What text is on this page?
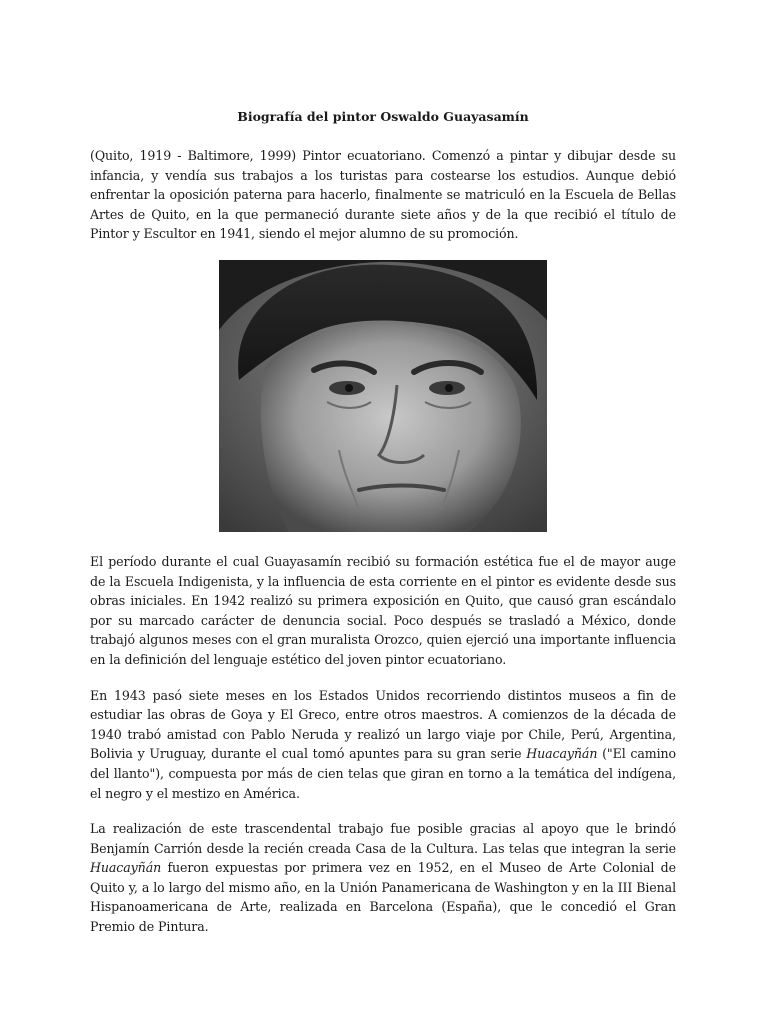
Biografía del pintor Oswaldo Guayasamín

(Quito, 1919 - Baltimore, 1999) Pintor ecuatoriano. Comenzó a pintar y dibujar desde su infancia, y vendía sus trabajos a los turistas para costearse los estudios. Aunque debió enfrentar la oposición paterna para hacerlo, finalmente se matriculó en la Escuela de Bellas Artes de Quito, en la que permaneció durante siete años y de la que recibió el título de Pintor y Escultor en 1941, siendo el mejor alumno de su promoción.

El período durante el cual Guayasamín recibió su formación estética fue el de mayor auge de la Escuela Indigenista, y la influencia de esta corriente en el pintor es evidente desde sus obras iniciales. En 1942 realizó su primera exposición en Quito, que causó gran escándalo por su marcado carácter de denuncia social. Poco después se trasladó a México, donde trabajó algunos meses con el gran muralista Orozco, quien ejerció una importante influencia en la definición del lenguaje estético del joven pintor ecuatoriano.

En 1943 pasó siete meses en los Estados Unidos recorriendo distintos museos a fin de estudiar las obras de Goya y El Greco, entre otros maestros. A comienzos de la década de 1940 trabó amistad con Pablo Neruda y realizó un largo viaje por Chile, Perú, Argentina, Bolivia y Uruguay, durante el cual tomó apuntes para su gran serie Huacayñán ("El camino del llanto"), compuesta por más de cien telas que giran en torno a la temática del indígena, el negro y el mestizo en América.

La realización de este trascendental trabajo fue posible gracias al apoyo que le brindó Benjamín Carrión desde la recién creada Casa de la Cultura. Las telas que integran la serie Huacayñán fueron expuestas por primera vez en 1952, en el Museo de Arte Colonial de Quito y, a lo largo del mismo año, en la Unión Panamericana de Washington y en la III Bienal Hispanoamericana de Arte, realizada en Barcelona (España), que le concedió el Gran Premio de Pintura.
